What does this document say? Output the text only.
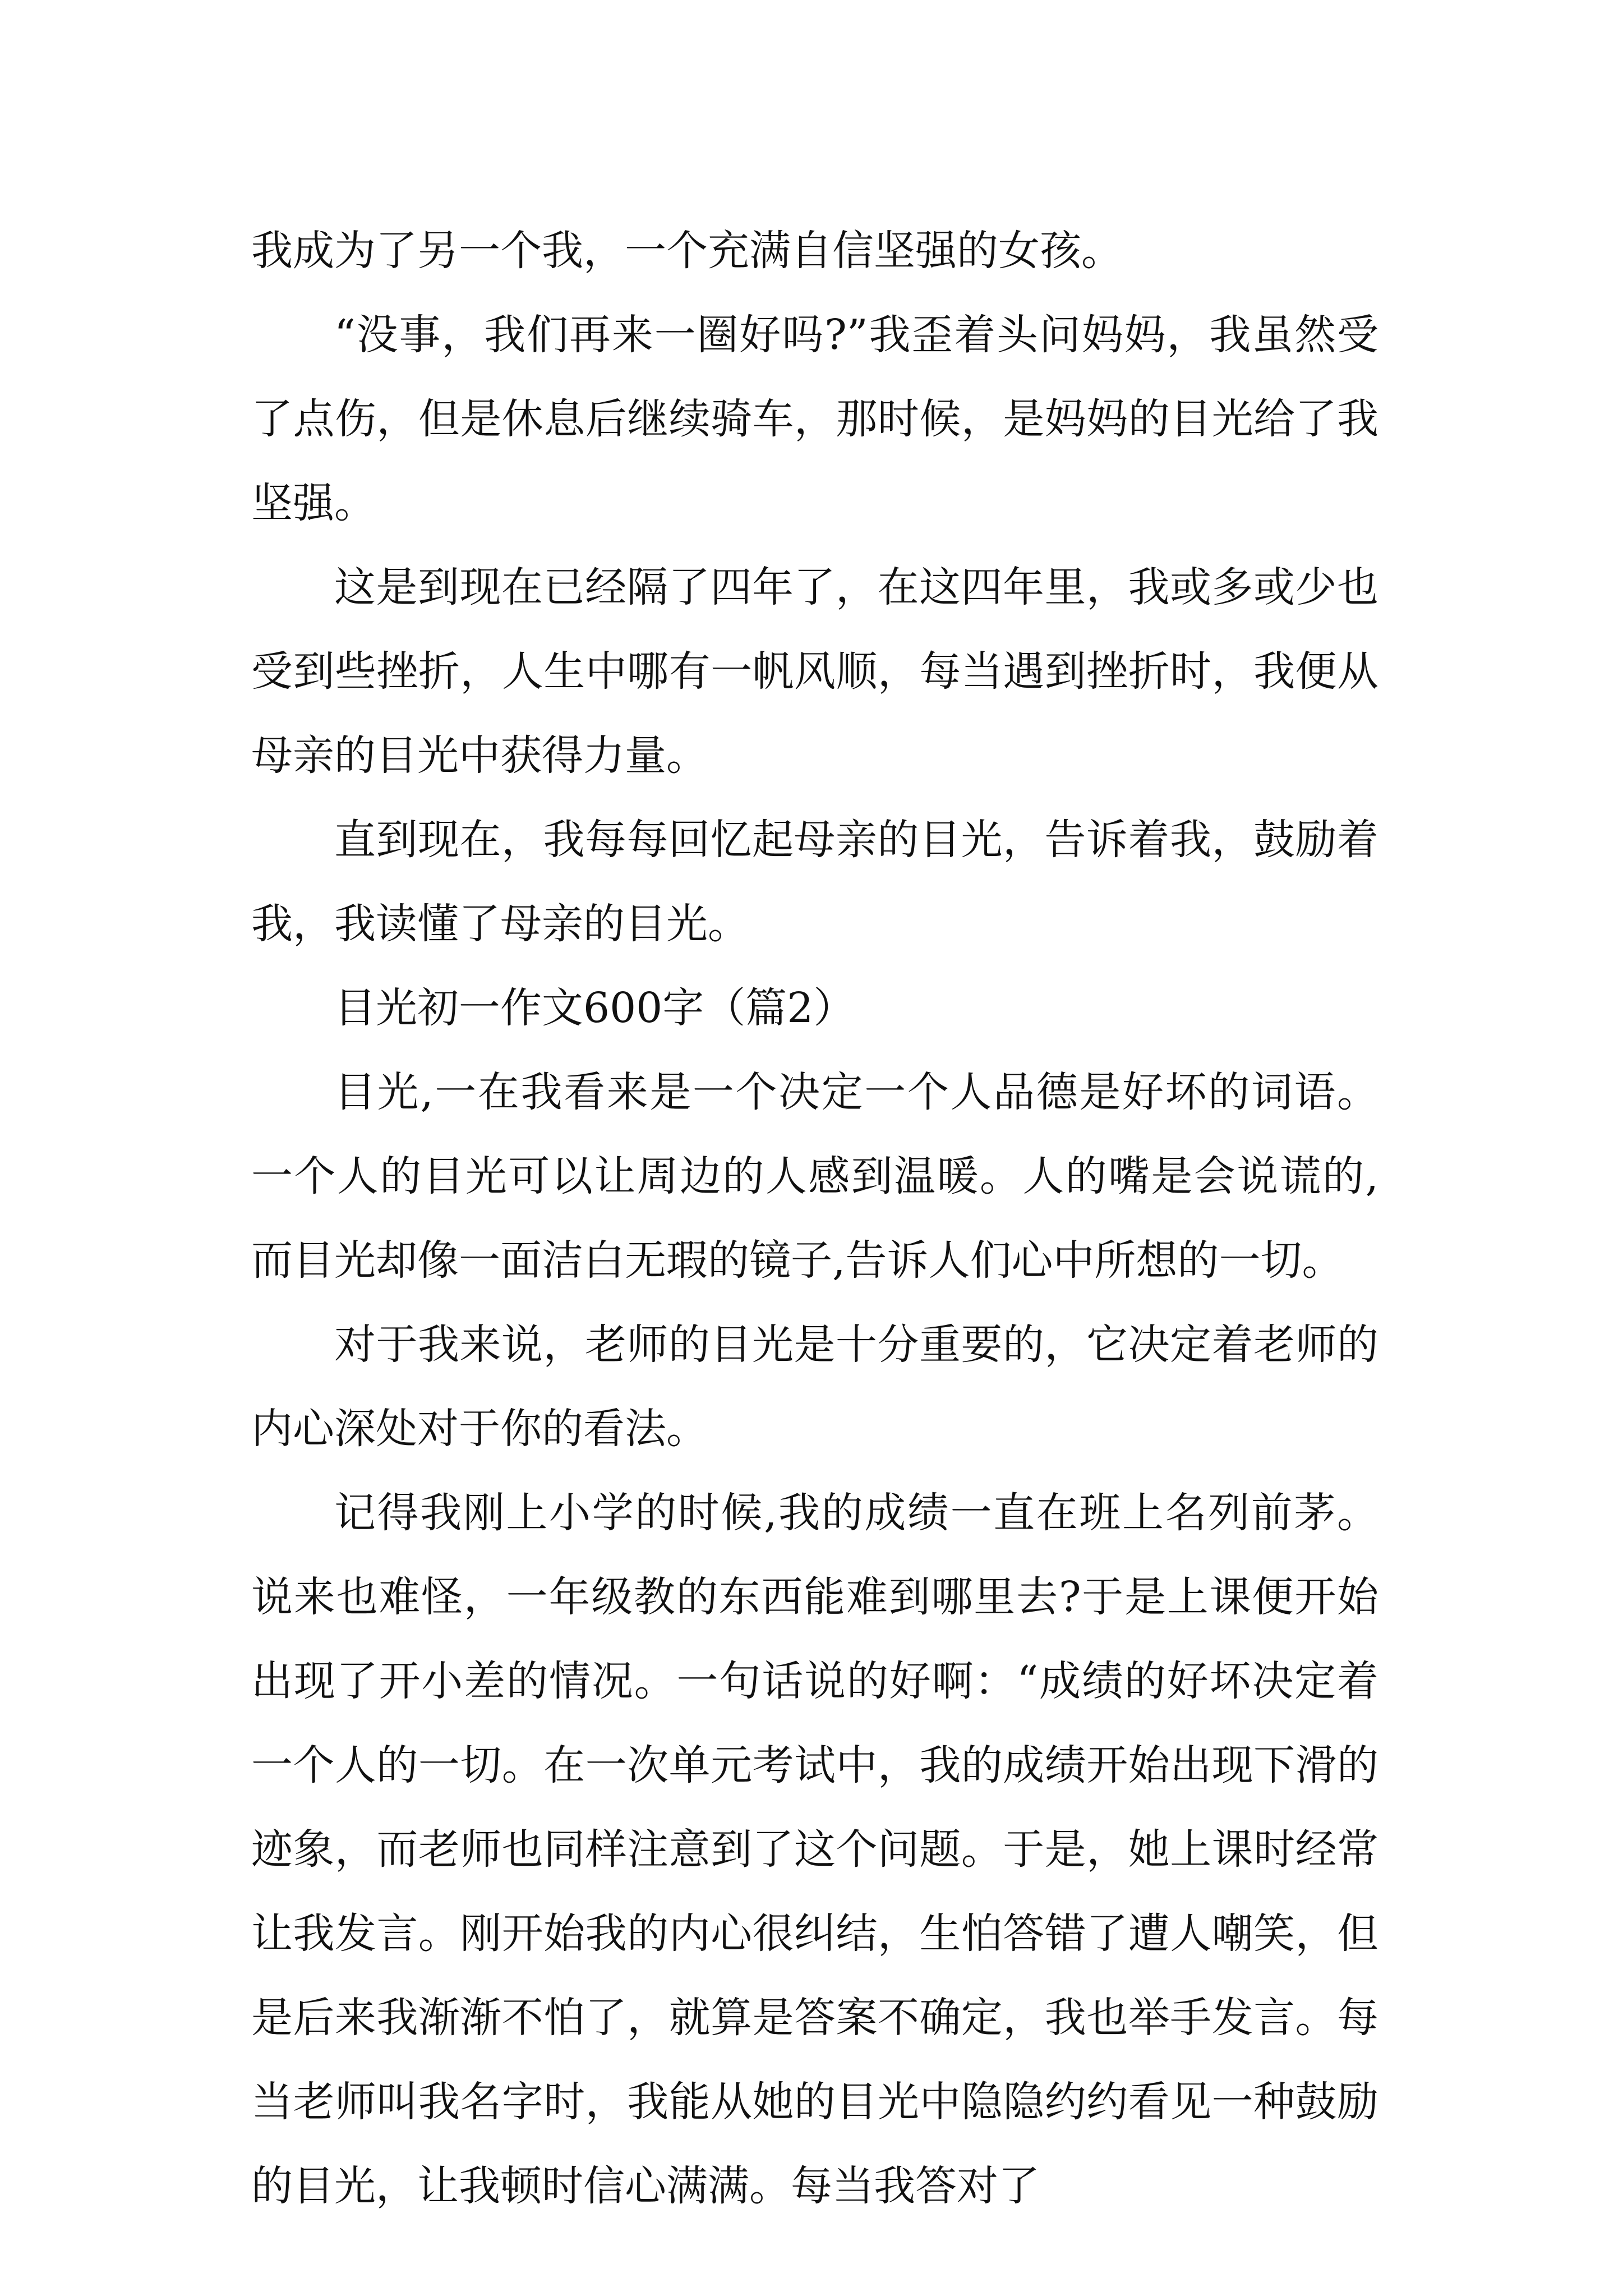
我成为了另一个我，一个充满自信坚强的女孩。

“没事，我们再来一圈好吗?”我歪着头问妈妈，我虽然受了点伤，但是休息后继续骑车，那时候，是妈妈的目光给了我坚强。

这是到现在已经隔了四年了，在这四年里，我或多或少也受到些挫折，人生中哪有一帆风顺，每当遇到挫折时，我便从母亲的目光中获得力量。

直到现在，我每每回忆起母亲的目光，告诉着我，鼓励着我，我读懂了母亲的目光。

目光初一作文600字（篇2）

目光,一在我看来是一个决定一个人品德是好坏的词语。一个人的目光可以让周边的人感到温暖。人的嘴是会说谎的,而目光却像一面洁白无瑕的镜子,告诉人们心中所想的一切。

对于我来说，老师的目光是十分重要的，它决定着老师的内心深处对于你的看法。

记得我刚上小学的时候,我的成绩一直在班上名列前茅。说来也难怪，一年级教的东西能难到哪里去?于是上课便开始出现了开小差的情况。一句话说的好啊：“成绩的好坏决定着一个人的一切。在一次单元考试中，我的成绩开始出现下滑的迹象，而老师也同样注意到了这个问题。于是，她上课时经常让我发言。刚开始我的内心很纠结，生怕答错了遭人嘲笑，但是后来我渐渐不怕了，就算是答案不确定，我也举手发言。每当老师叫我名字时，我能从她的目光中隐隐约约看见一种鼓励的目光，让我顿时信心满满。每当我答对了
